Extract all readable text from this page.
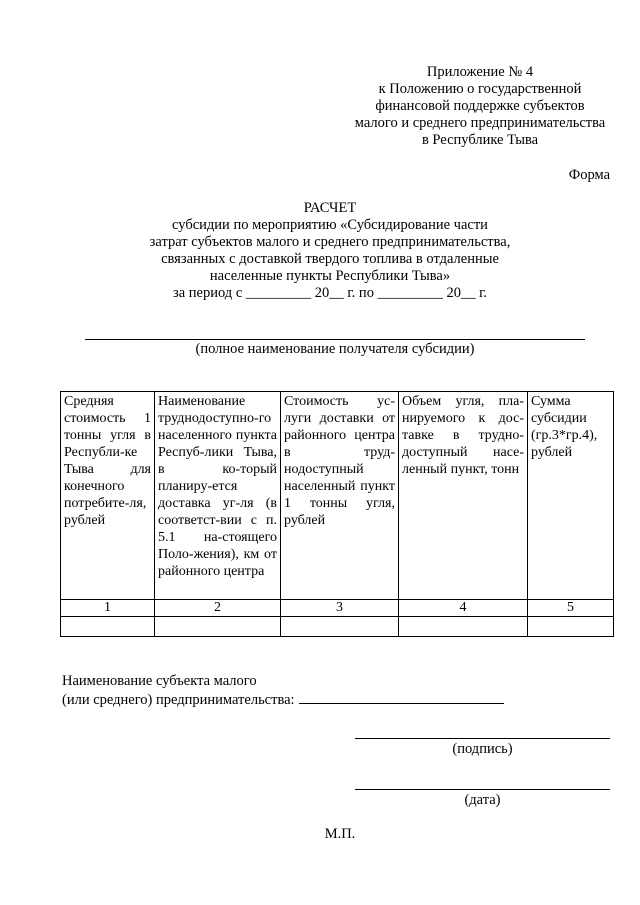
Приложение № 4
к Положению о государственной
финансовой поддержке субъектов
малого и среднего предпринимательства
в Республике Тыва
Форма
РАСЧЕТ
субсидии по мероприятию «Субсидирование части
затрат субъектов малого и среднего предпринимательства,
связанных с доставкой твердого топлива в отдаленные
населенные пункты Республики Тыва»
за период с _________ 20__ г. по _________ 20__ г.
(полное наименование получателя субсидии)
Средняя стоимость 1 тонны угля в Республи-ке Тыва для конечного потребите-ля, рублей	Наименование труднодоступно-го населенного пункта Респуб-лики Тыва, в ко-торый планиру-ется доставка уг-ля (в соответст-вии с п. 5.1 на-стоящего Поло-жения), км от районного центра	Стоимость ус-луги доставки от районного центра в труд-нодоступный населенный пункт 1 тонны угля, рублей	Объем угля, пла-нируемого к дос-тавке в трудно-доступный насе-ленный пункт, тонн	Сумма субсидии (гр.3*гр.4), рублей
1	2	3	4	5

Наименование субъекта малого
(или среднего) предпринимательства:
(подпись)
(дата)
М.П.
